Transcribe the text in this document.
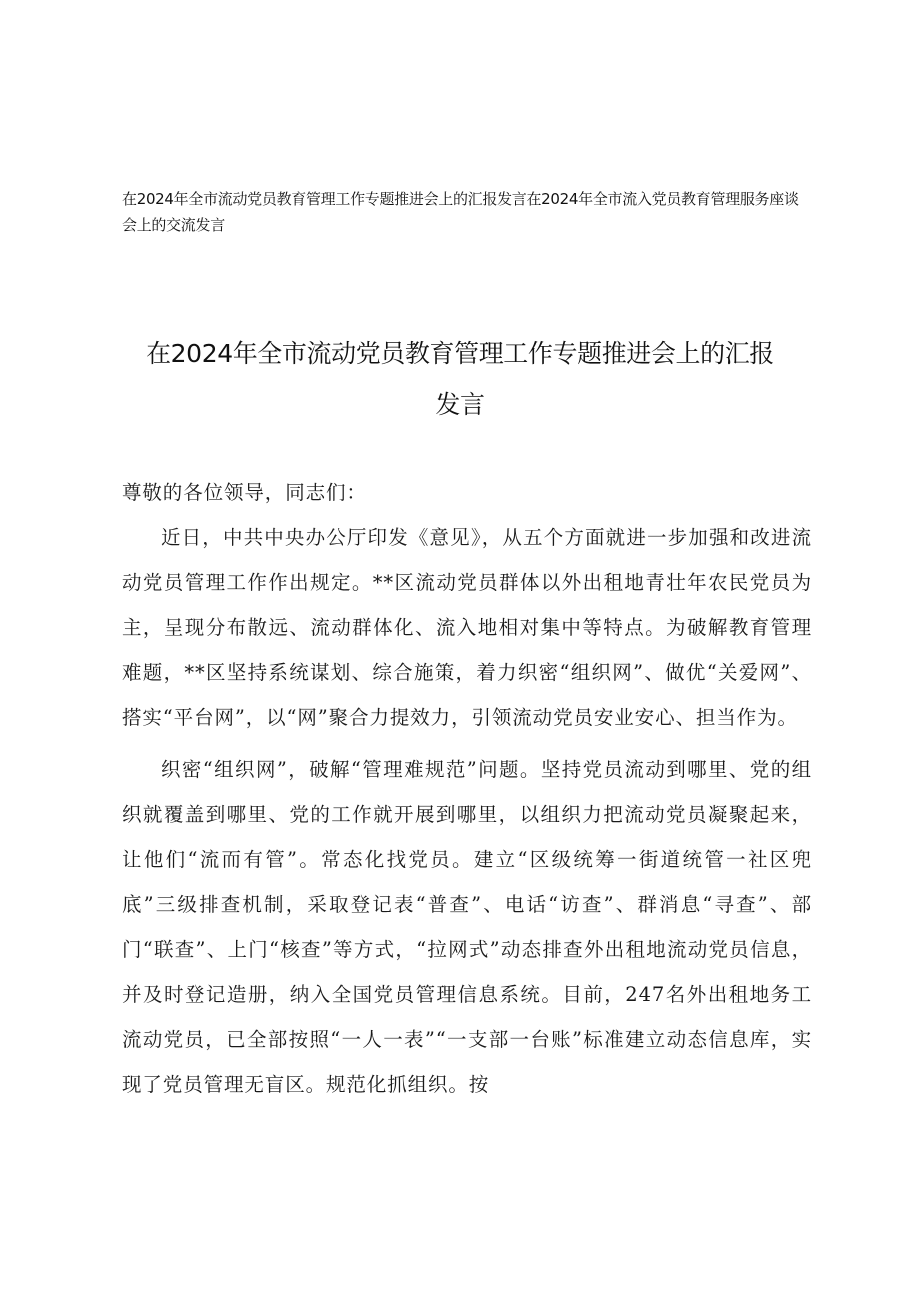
在2024年全市流动党员教育管理工作专题推进会上的汇报发言在2024年全市流入党员教育管理服务座谈会上的交流发言

在2024年全市流动党员教育管理工作专题推进会上的汇报发言

尊敬的各位领导，同志们：

近日，中共中央办公厅印发《意见》，从五个方面就进一步加强和改进流动党员管理工作作出规定。**区流动党员群体以外出租地青壮年农民党员为主，呈现分布散远、流动群体化、流入地相对集中等特点。为破解教育管理难题，**区坚持系统谋划、综合施策，着力织密“组织网”、做优“关爱网”、搭实“平台网”，以“网”聚合力提效力，引领流动党员安业安心、担当作为。

织密“组织网”，破解“管理难规范”问题。坚持党员流动到哪里、党的组织就覆盖到哪里、党的工作就开展到哪里，以组织力把流动党员凝聚起来，让他们“流而有管”。常态化找党员。建立“区级统筹一街道统管一社区兜底”三级排查机制，采取登记表“普查”、电话“访查”、群消息“寻查”、部门“联查”、上门“核查”等方式，“拉网式”动态排查外出租地流动党员信息，并及时登记造册，纳入全国党员管理信息系统。目前，247名外出租地务工流动党员，已全部按照“一人一表”“一支部一台账”标准建立动态信息库，实现了党员管理无盲区。规范化抓组织。按
